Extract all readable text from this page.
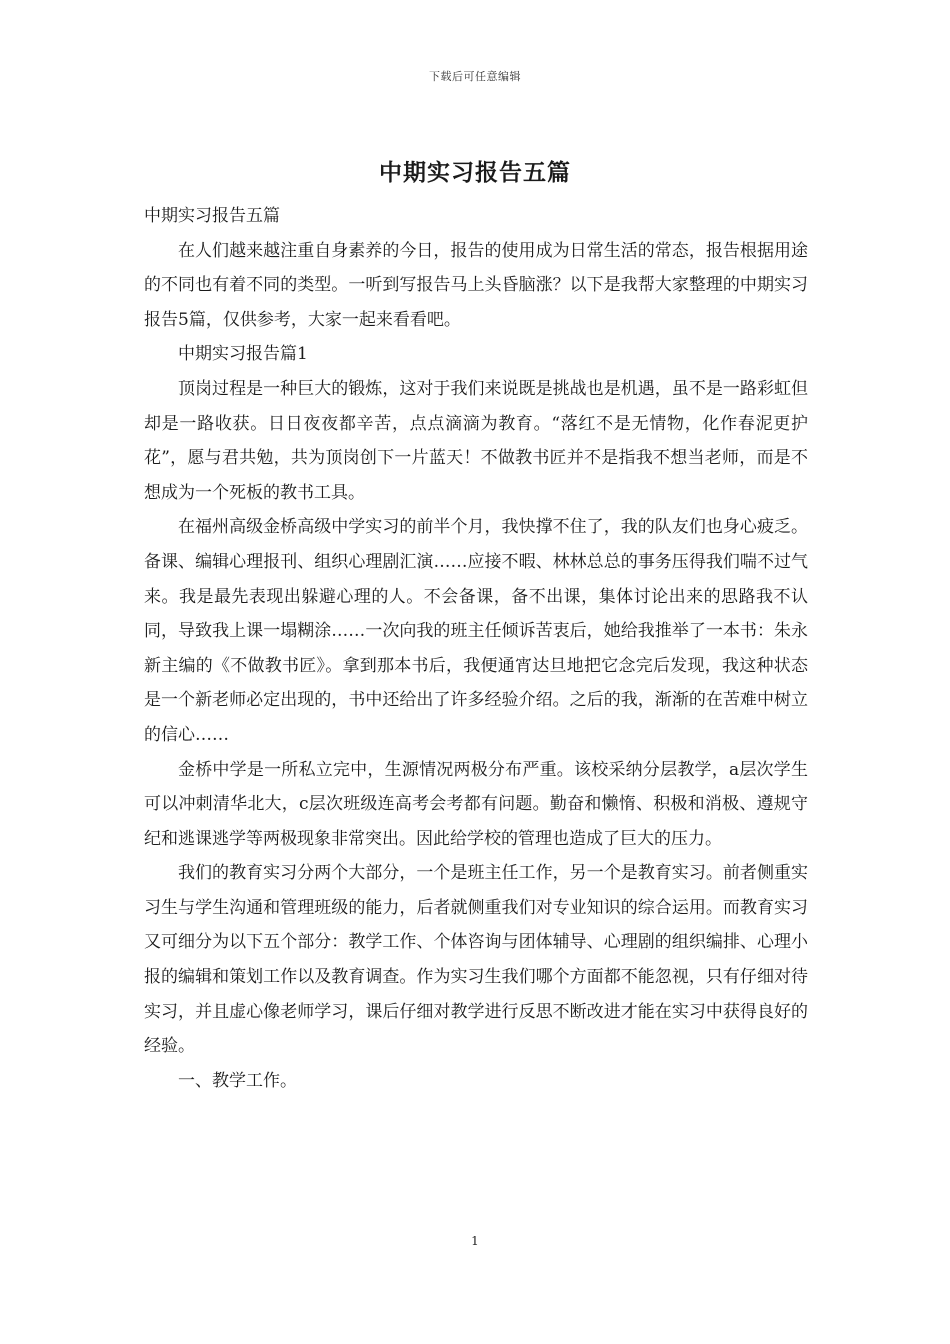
下载后可任意编辑
中期实习报告五篇

中期实习报告五篇

在人们越来越注重自身素养的今日，报告的使用成为日常生活的常态，报告根据用途的不同也有着不同的类型。一听到写报告马上头昏脑涨？以下是我帮大家整理的中期实习报告5篇，仅供参考，大家一起来看看吧。

中期实习报告篇1

顶岗过程是一种巨大的锻炼，这对于我们来说既是挑战也是机遇，虽不是一路彩虹但却是一路收获。日日夜夜都辛苦，点点滴滴为教育。“落红不是无情物，化作春泥更护花”，愿与君共勉，共为顶岗创下一片蓝天！不做教书匠并不是指我不想当老师，而是不想成为一个死板的教书工具。

在福州高级金桥高级中学实习的前半个月，我快撑不住了，我的队友们也身心疲乏。备课、编辑心理报刊、组织心理剧汇演……应接不暇、林林总总的事务压得我们喘不过气来。我是最先表现出躲避心理的人。不会备课，备不出课，集体讨论出来的思路我不认同，导致我上课一塌糊涂……一次向我的班主任倾诉苦衷后，她给我推举了一本书：朱永新主编的《不做教书匠》。拿到那本书后，我便通宵达旦地把它念完后发现，我这种状态是一个新老师必定出现的，书中还给出了许多经验介绍。之后的我，渐渐的在苦难中树立的信心……

金桥中学是一所私立完中，生源情况两极分布严重。该校采纳分层教学，a层次学生可以冲刺清华北大，c层次班级连高考会考都有问题。勤奋和懒惰、积极和消极、遵规守纪和逃课逃学等两极现象非常突出。因此给学校的管理也造成了巨大的压力。

我们的教育实习分两个大部分，一个是班主任工作，另一个是教育实习。前者侧重实习生与学生沟通和管理班级的能力，后者就侧重我们对专业知识的综合运用。而教育实习又可细分为以下五个部分：教学工作、个体咨询与团体辅导、心理剧的组织编排、心理小报的编辑和策划工作以及教育调查。作为实习生我们哪个方面都不能忽视，只有仔细对待实习，并且虚心像老师学习，课后仔细对教学进行反思不断改进才能在实习中获得良好的经验。

一、教学工作。

1
